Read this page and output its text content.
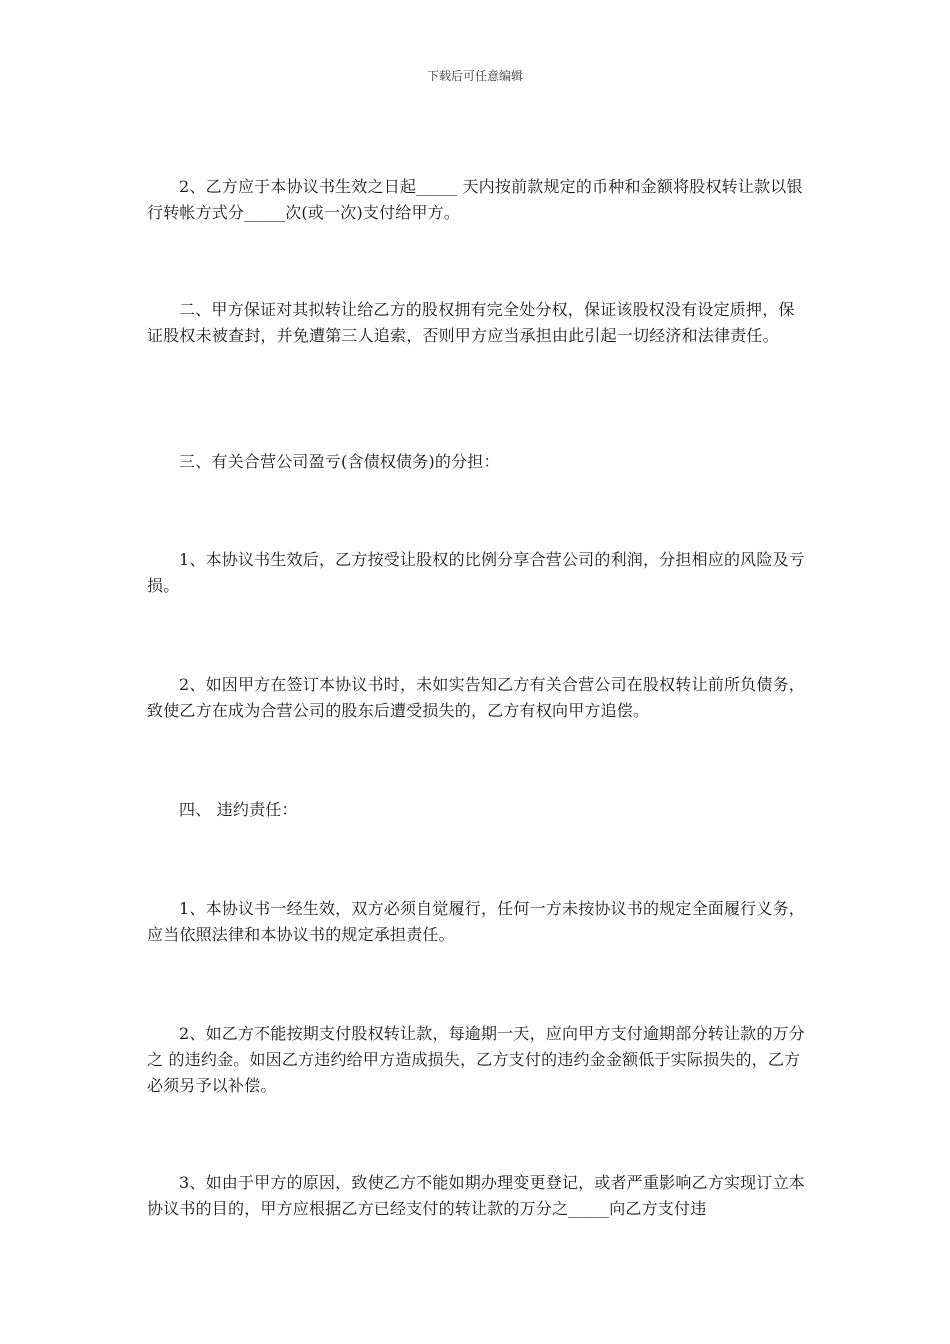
下载后可任意编辑

2、乙方应于本协议书生效之日起_____ 天内按前款规定的币种和金额将股权转让款以银行转帐方式分_____次(或一次)支付给甲方。

二、甲方保证对其拟转让给乙方的股权拥有完全处分权，保证该股权没有设定质押，保证股权未被查封，并免遭第三人追索，否则甲方应当承担由此引起一切经济和法律责任。

三、有关合营公司盈亏(含债权债务)的分担：

1、本协议书生效后，乙方按受让股权的比例分享合营公司的利润，分担相应的风险及亏损。

2、如因甲方在签订本协议书时，未如实告知乙方有关合营公司在股权转让前所负债务，致使乙方在成为合营公司的股东后遭受损失的，乙方有权向甲方追偿。

四、 违约责任：

1、本协议书一经生效，双方必须自觉履行，任何一方未按协议书的规定全面履行义务，应当依照法律和本协议书的规定承担责任。

2、如乙方不能按期支付股权转让款，每逾期一天，应向甲方支付逾期部分转让款的万分之 的违约金。如因乙方违约给甲方造成损失，乙方支付的违约金金额低于实际损失的，乙方必须另予以补偿。

3、如由于甲方的原因，致使乙方不能如期办理变更登记，或者严重影响乙方实现订立本协议书的目的，甲方应根据乙方已经支付的转让款的万分之_____向乙方支付违
